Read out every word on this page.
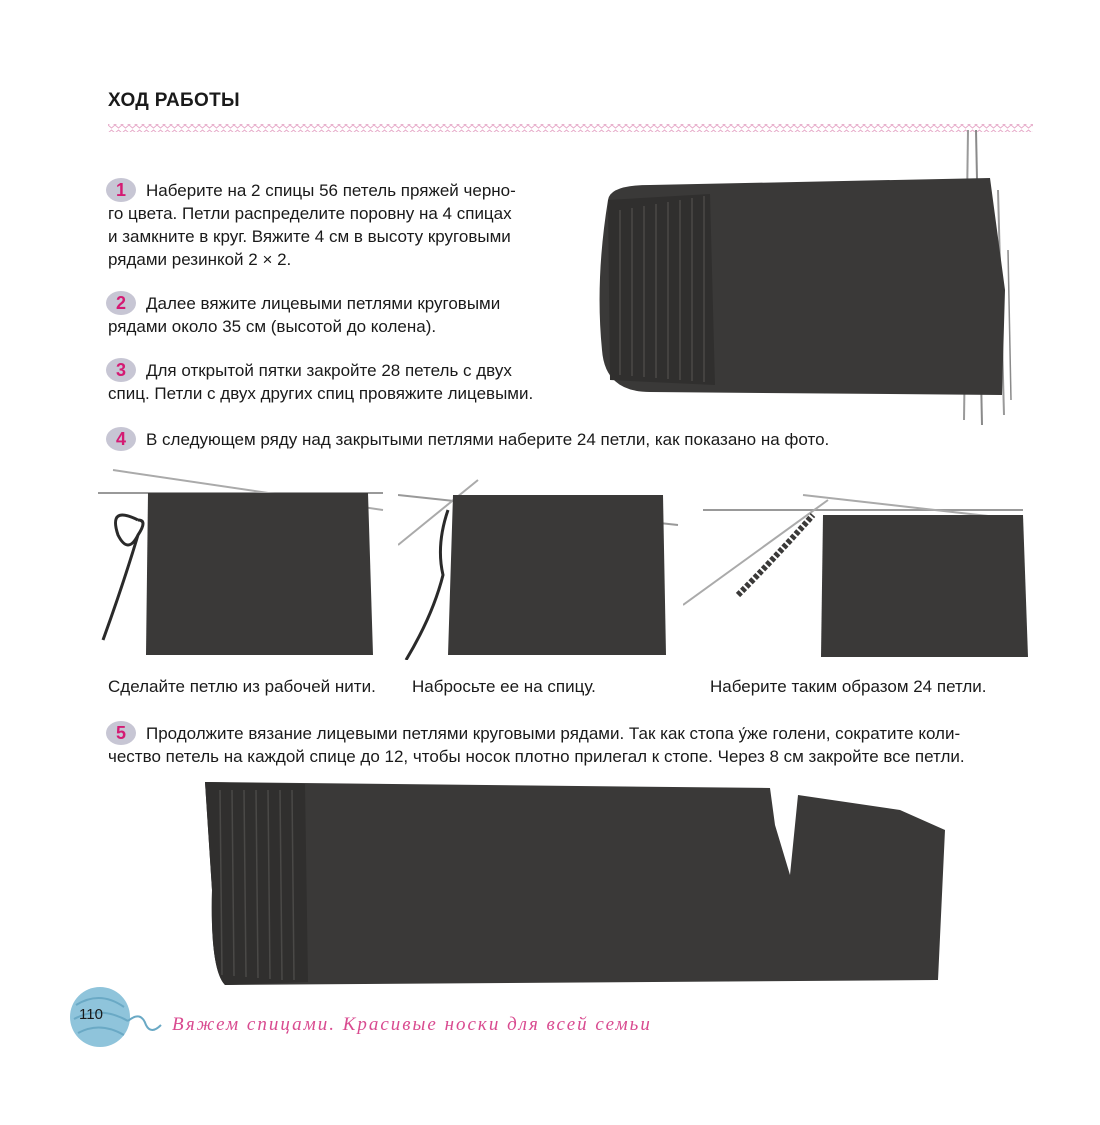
ХОД РАБОТЫ
1 Наберите на 2 спицы 56 петель пряжей черно-
го цвета. Петли распределите поровну на 4 спицах
и замкните в круг. Вяжите 4 см в высоту круговыми
рядами резинкой 2 × 2.
2 Далее вяжите лицевыми петлями круговыми
рядами около 35 см (высотой до колена).
3 Для открытой пятки закройте 28 петель с двух
спиц. Петли с двух других спиц провяжите лицевыми.
4 В следующем ряду над закрытыми петлями наберите 24 петли, как показано на фото.
Сделайте петлю из рабочей нити. Набросьте ее на спицу.	Наберите таким образом 24 петли.
5 Продолжите вязание лицевыми петлями круговыми рядами. Так как стопа у́же голени, сократите коли-
чество петель на каждой спице до 12, чтобы носок плотно прилегал к стопе. Через 8 см закройте все петли.
110	Вяжем спицами. Красивые носки для всей семьи
